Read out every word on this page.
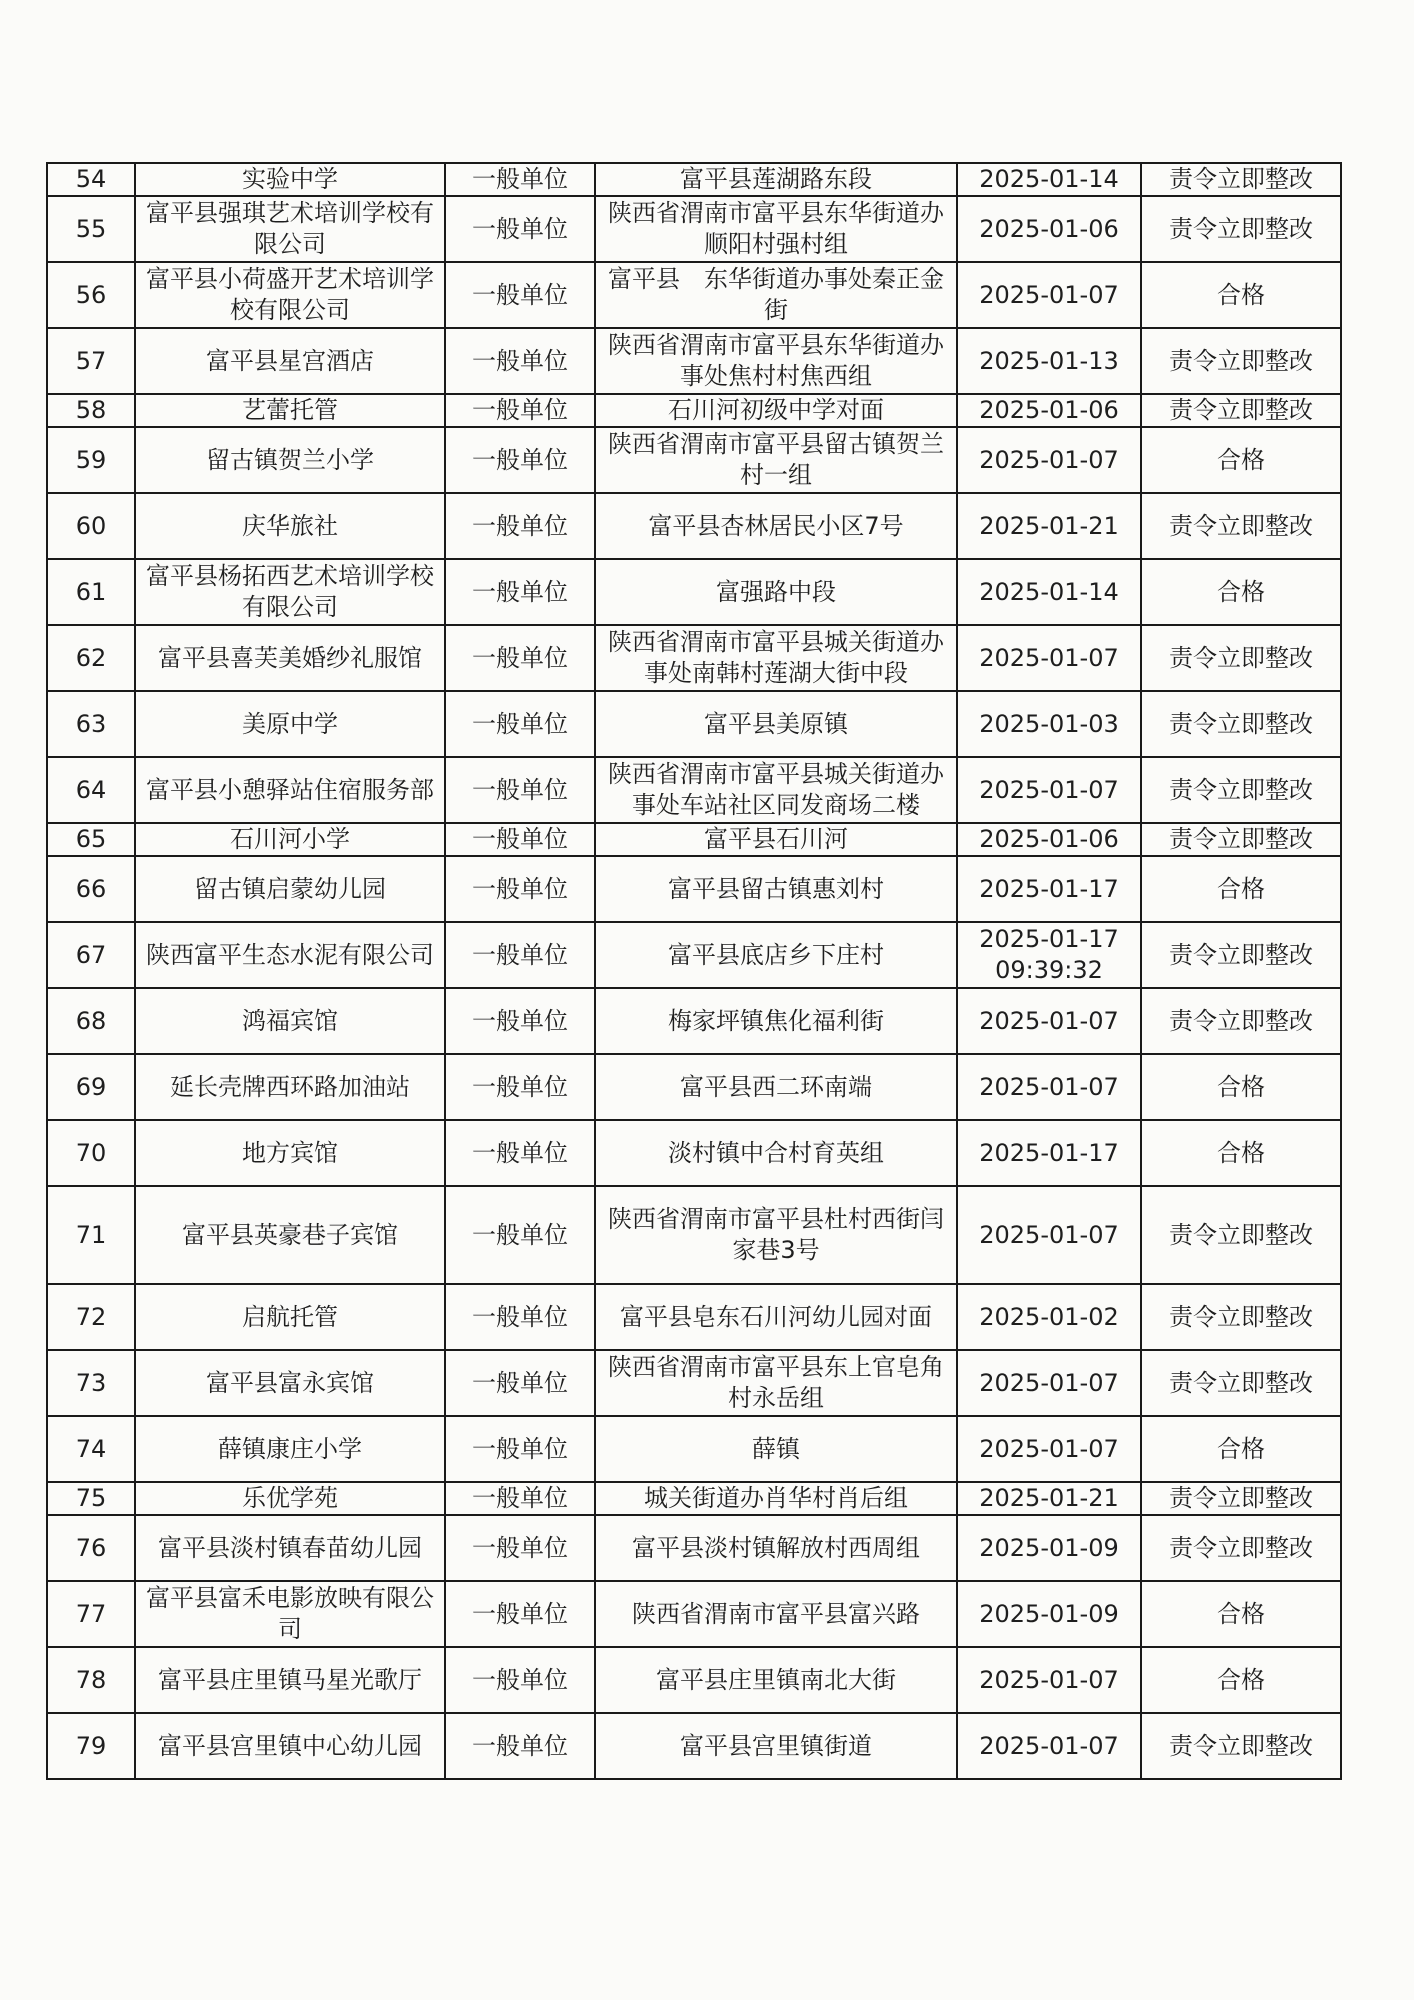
54	实验中学	一般单位	富平县莲湖路东段	2025-01-14	责令立即整改
55	富平县强琪艺术培训学校有限公司	一般单位	陕西省渭南市富平县东华街道办顺阳村强村组	2025-01-06	责令立即整改
56	富平县小荷盛开艺术培训学校有限公司	一般单位	富平县　东华街道办事处秦正金街	2025-01-07	合格
57	富平县星宫酒店	一般单位	陕西省渭南市富平县东华街道办事处焦村村焦西组	2025-01-13	责令立即整改
58	艺蕾托管	一般单位	石川河初级中学对面	2025-01-06	责令立即整改
59	留古镇贺兰小学	一般单位	陕西省渭南市富平县留古镇贺兰村一组	2025-01-07	合格
60	庆华旅社	一般单位	富平县杏林居民小区7号	2025-01-21	责令立即整改
61	富平县杨拓西艺术培训学校有限公司	一般单位	富强路中段	2025-01-14	合格
62	富平县喜芙美婚纱礼服馆	一般单位	陕西省渭南市富平县城关街道办事处南韩村莲湖大街中段	2025-01-07	责令立即整改
63	美原中学	一般单位	富平县美原镇	2025-01-03	责令立即整改
64	富平县小憩驿站住宿服务部	一般单位	陕西省渭南市富平县城关街道办事处车站社区同发商场二楼	2025-01-07	责令立即整改
65	石川河小学	一般单位	富平县石川河	2025-01-06	责令立即整改
66	留古镇启蒙幼儿园	一般单位	富平县留古镇惠刘村	2025-01-17	合格
67	陕西富平生态水泥有限公司	一般单位	富平县底店乡下庄村	2025-01-17 09:39:32	责令立即整改
68	鸿福宾馆	一般单位	梅家坪镇焦化福利街	2025-01-07	责令立即整改
69	延长壳牌西环路加油站	一般单位	富平县西二环南端	2025-01-07	合格
70	地方宾馆	一般单位	淡村镇中合村育英组	2025-01-17	合格
71	富平县英豪巷子宾馆	一般单位	陕西省渭南市富平县杜村西街闫家巷3号	2025-01-07	责令立即整改
72	启航托管	一般单位	富平县皂东石川河幼儿园对面	2025-01-02	责令立即整改
73	富平县富永宾馆	一般单位	陕西省渭南市富平县东上官皂角村永岳组	2025-01-07	责令立即整改
74	薛镇康庄小学	一般单位	薛镇	2025-01-07	合格
75	乐优学苑	一般单位	城关街道办肖华村肖后组	2025-01-21	责令立即整改
76	富平县淡村镇春苗幼儿园	一般单位	富平县淡村镇解放村西周组	2025-01-09	责令立即整改
77	富平县富禾电影放映有限公司	一般单位	陕西省渭南市富平县富兴路	2025-01-09	合格
78	富平县庄里镇马星光歌厅	一般单位	富平县庄里镇南北大街	2025-01-07	合格
79	富平县宫里镇中心幼儿园	一般单位	富平县宫里镇街道	2025-01-07	责令立即整改
